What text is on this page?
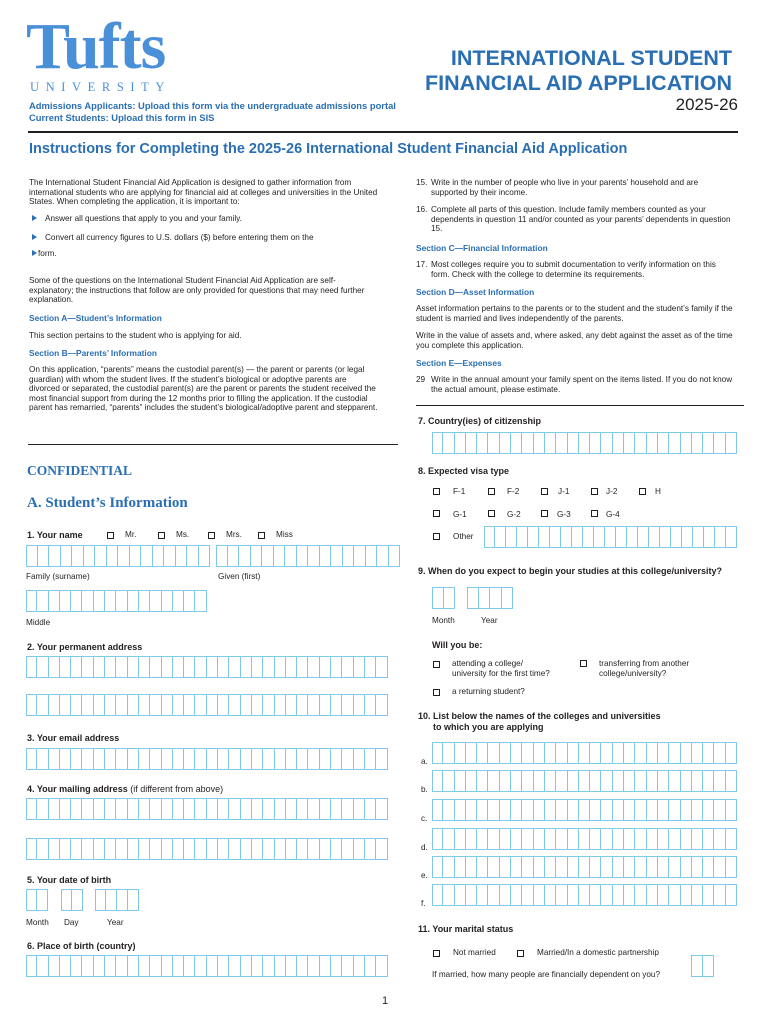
Tufts
UNIVERSITY
Admissions Applicants: Upload this form via the undergraduate admissions portal
Current Students: Upload this form in SIS
INTERNATIONAL STUDENT
FINANCIAL AID APPLICATION
2025-26
Instructions for Completing the 2025-26 International Student Financial Aid Application
The International Student Financial Aid Application is designed to gather information from international students who are applying for financial aid at colleges and universities in the United States. When completing the application, it is important to:
Answer all questions that apply to you and your family.
Convert all currency figures to U.S. dollars ($) before entering them on the
form.
Some of the questions on the International Student Financial Aid Application are self-explanatory; the instructions that follow are only provided for questions that may need further explanation.
Section A—Student’s Information
This section pertains to the student who is applying for aid.
Section B—Parents’ Information
On this application, “parents” means the custodial parent(s) — the parent or parents (or legal guardian) with whom the student lives. If the student’s biological or adoptive parents are divorced or separated, the custodial parent(s) are the parent or parents the student received the most financial support from during the 12 months prior to filling the application. If the custodial parent has remarried, “parents” includes the student’s biological/adoptive parent and stepparent.
15. Write in the number of people who live in your parents’ household and are supported by their income.
16. Complete all parts of this question. Include family members counted as your dependents in question 11 and/or counted as your parents’ dependents in question 15.
Section C—Financial Information
17. Most colleges require you to submit documentation to verify information on this form. Check with the college to determine its requirements.
Section D—Asset Information
Asset information pertains to the parents or to the student and the student’s family if the student is married and lives independently of the parents.
Write in the value of assets and, where asked, any debt against the asset as of the time you complete this application.
Section E—Expenses
29 Write in the annual amount your family spent on the items listed. If you do not know the actual amount, please estimate.
CONFIDENTIAL
A. Student’s Information
1. Your name	Mr.	Ms.	Mrs.	Miss
Family (surname)	Given (first)
Middle
2. Your permanent address
3. Your email address
4. Your mailing address (if different from above)
5. Your date of birth
Month Day	Year
6. Place of birth (country)
7. Country(ies) of citizenship
8. Expected visa type
F-1	F-2	J-1	J-2	H
G-1	G-2	G-3	G-4
Other
9. When do you expect to begin your studies at this college/university?
Month	Year
Will you be:
attending a college/
university for the first time?
transferring from another
college/university?
a returning student?
10. List below the names of the colleges and universities
to which you are applying
a.
b.
c.
d.
e.
f.
11. Your marital status
Not married	Married/In a domestic partnership
If married, how many people are financially dependent on you?
1
